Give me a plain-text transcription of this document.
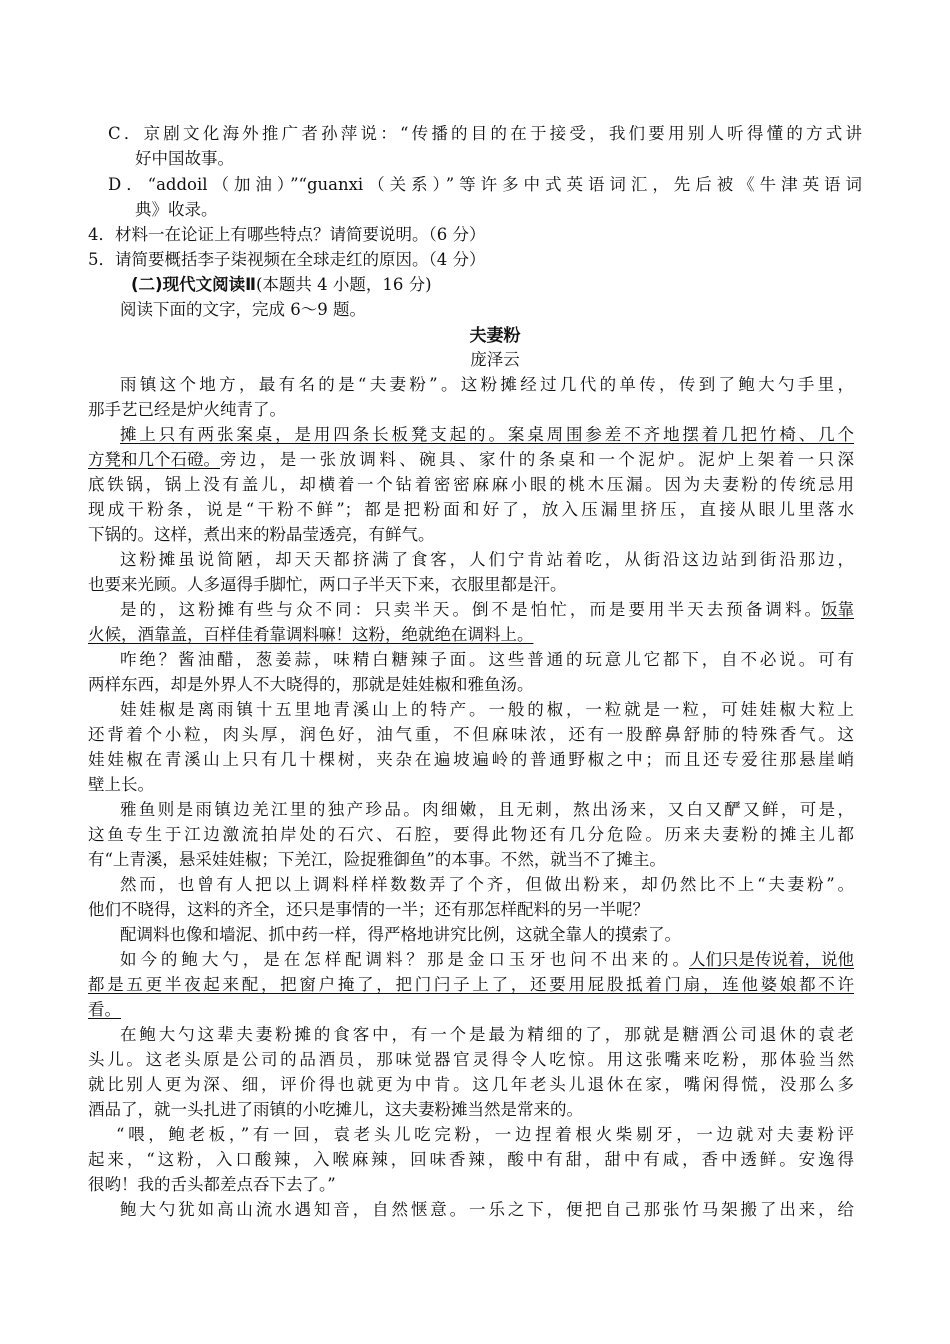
C．京剧文化海外推广者孙萍说：“传播的目的在于接受，我们要用别人听得懂的方式讲
好中国故事。
D．“addoil（加油）”“guanxi（关系）”等许多中式英语词汇，先后被《牛津英语词
典》收录。
4．材料一在论证上有哪些特点？请简要说明。（6 分）
5．请简要概括李子柒视频在全球走红的原因。（4 分）
(二)现代文阅读Ⅱ(本题共 4 小题，16 分)
阅读下面的文字，完成 6～9 题。
夫妻粉
庞泽云
雨镇这个地方，最有名的是“夫妻粉”。这粉摊经过几代的单传，传到了鲍大勺手里，
那手艺已经是炉火纯青了。
摊上只有两张案桌，是用四条长板凳支起的。案桌周围参差不齐地摆着几把竹椅、几个
方凳和几个石磴。 旁边，是一张放调料、碗具、家什的条桌和一个泥炉。泥炉上架着一只深
底铁锅，锅上没有盖儿，却横着一个钻着密密麻麻小眼的桃木压漏。因为夫妻粉的传统忌用
现成干粉条，说是“干粉不鲜”；都是把粉面和好了，放入压漏里挤压，直接从眼儿里落水
下锅的。这样，煮出来的粉晶莹透亮，有鲜气。
这粉摊虽说简陋，却天天都挤满了食客，人们宁肯站着吃，从街沿这边站到街沿那边，
也要来光顾。人多逼得手脚忙，两口子半天下来，衣服里都是汗。
是的，这粉摊有些与众不同：只卖半天。倒不是怕忙，而是要用半天去预备调料。 饭靠
火候，酒靠盖，百样佳肴靠调料嘛！这粉，绝就绝在调料上。
咋绝？酱油醋，葱姜蒜，味精白糖辣子面。这些普通的玩意儿它都下，自不必说。可有
两样东西，却是外界人不大晓得的，那就是娃娃椒和雅鱼汤。
娃娃椒是离雨镇十五里地青溪山上的特产。一般的椒，一粒就是一粒，可娃娃椒大粒上
还背着个小粒，肉头厚，润色好，油气重，不但麻味浓，还有一股醉鼻舒肺的特殊香气。这
娃娃椒在青溪山上只有几十棵树，夹杂在遍坡遍岭的普通野椒之中；而且还专爱往那悬崖峭
壁上长。
雅鱼则是雨镇边羌江里的独产珍品。肉细嫩，且无刺，熬出汤来，又白又酽又鲜，可是，
这鱼专生于江边激流拍岸处的石穴、石腔，要得此物还有几分危险。历来夫妻粉的摊主儿都
有“上青溪，悬采娃娃椒；下羌江，险捉雅御鱼”的本事。不然，就当不了摊主。
然而，也曾有人把以上调料样样数数弄了个齐，但做出粉来，却仍然比不上“夫妻粉”。
他们不晓得，这料的齐全，还只是事情的一半；还有那怎样配料的另一半呢？
配调料也像和墙泥、抓中药一样，得严格地讲究比例，这就全靠人的摸索了。
如今的鲍大勺，是在怎样配调料？那是金口玉牙也问不出来的。 人们只是传说着，说他
都是五更半夜起来配，把窗户掩了，把门闩子上了，还要用屁股抵着门扇，连他婆娘都不许
看。
在鲍大勺这辈夫妻粉摊的食客中，有一个是最为精细的了，那就是糖酒公司退休的袁老
头儿。这老头原是公司的品酒员，那味觉器官灵得令人吃惊。用这张嘴来吃粉，那体验当然
就比别人更为深、细，评价得也就更为中肯。这几年老头儿退休在家，嘴闲得慌，没那么多
酒品了，就一头扎进了雨镇的小吃摊儿，这夫妻粉摊当然是常来的。
“喂，鲍老板，”有一回，袁老头儿吃完粉，一边捏着根火柴剔牙，一边就对夫妻粉评
起来，“这粉，入口酸辣，入喉麻辣，回味香辣，酸中有甜，甜中有咸，香中透鲜。安逸得
很哟！我的舌头都差点吞下去了。”
鲍大勺犹如高山流水遇知音，自然惬意。一乐之下，便把自己那张竹马架搬了出来，给
